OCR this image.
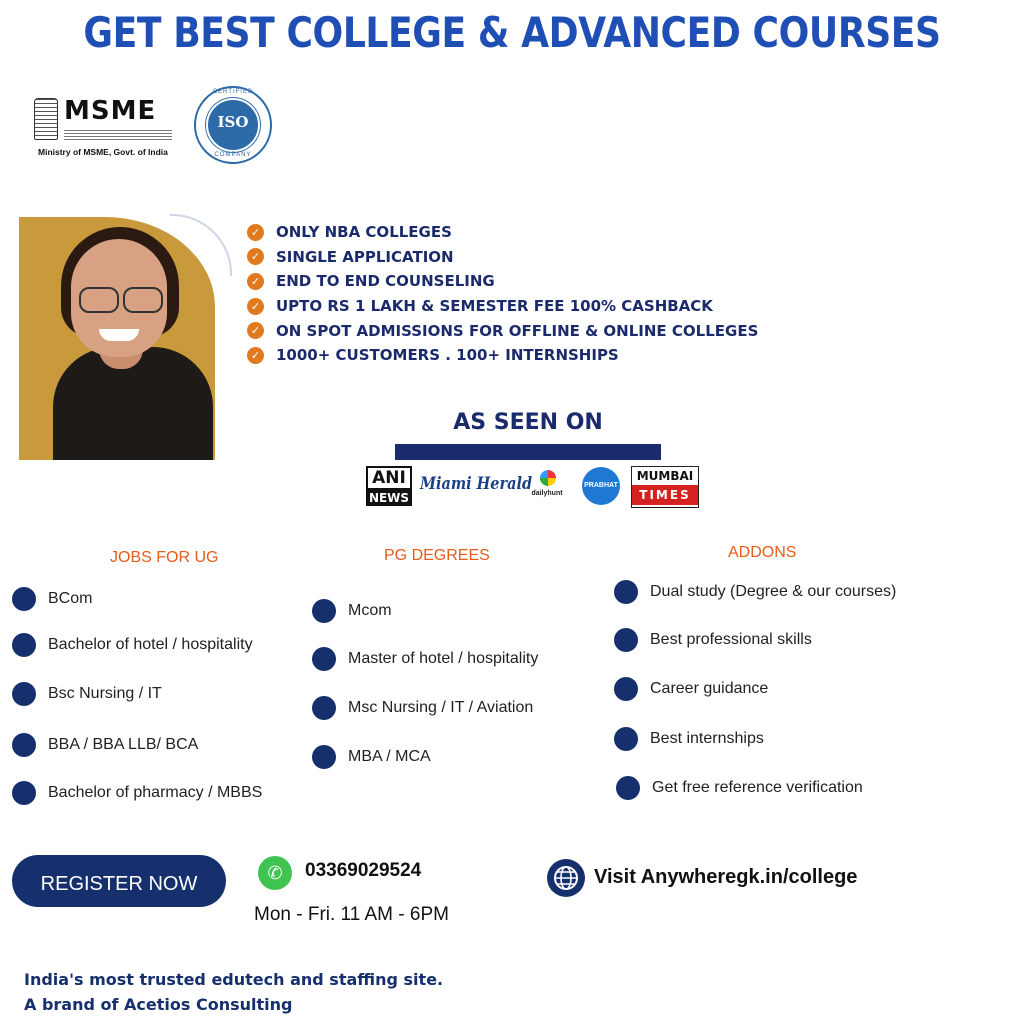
GET BEST COLLEGE & ADVANCED COURSES
MSME
Ministry of MSME, Govt. of India
CERTIFIED
ISO
COMPANY
✓ ONLY NBA COLLEGES
✓ SINGLE APPLICATION
✓ END TO END COUNSELING
✓ UPTO RS 1 LAKH & SEMESTER FEE 100% CASHBACK
✓ ON SPOT ADMISSIONS FOR OFFLINE & ONLINE COLLEGES
✓ 1000+ CUSTOMERS . 100+ INTERNSHIPS
AS SEEN ON
ANI
NEWS
Miami Herald dailyhunt
PRABHAT
MUMBAI
TIMES
JOBS FOR UG	PG DEGREES	ADDONS
BCom
Bachelor of hotel / hospitality
Bsc Nursing / IT
BBA / BBA LLB/ BCA
Bachelor of pharmacy / MBBS
Mcom
Master of hotel / hospitality
Msc Nursing / IT / Aviation
MBA / MCA
Dual study (Degree & our courses)
Best professional skills
Career guidance
Best internships
Get free reference verification
REGISTER NOW	✆	03369029524
Mon - Fri. 11 AM - 6PM
Visit Anywheregk.in/college
India's most trusted edutech and staffing site.
A brand of Acetios Consulting
